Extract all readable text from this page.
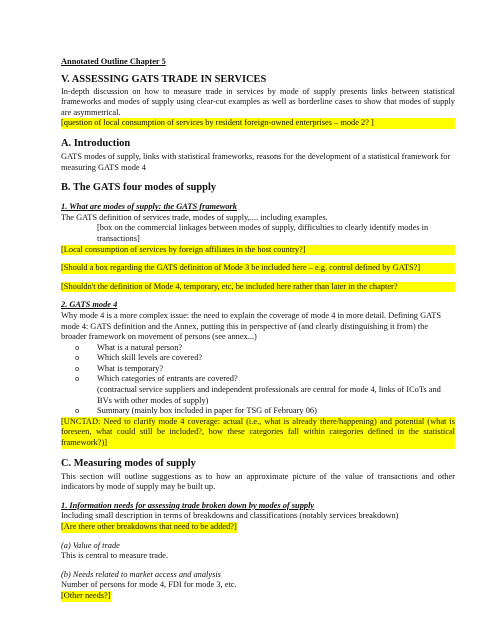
Annotated Outline Chapter 5

V. ASSESSING GATS TRADE IN SERVICES

In-depth discussion on how to measure trade in services by mode of supply presents links between statistical frameworks and modes of supply using clear-cut examples as well as borderline cases to show that modes of supply are asymmetrical.

[question of local consumption of services by resident foreign-owned enterprises – mode 2? ]

A. Introduction

GATS modes of supply, links with statistical frameworks, reasons for the development of a statistical framework for measuring GATS mode 4

B. The GATS four modes of supply
1. What are modes of supply: the GATS framework

The GATS definition of services trade, modes of supply,.... including examples.

[box on the commercial linkages between modes of supply, difficulties to clearly identify modes in transactions]

[Local consumption of services by foreign affiliates in the host country?]

[Should a box regarding the GATS definition of Mode 3 be included here – e.g. control defined by GATS?]

[Shouldn't the definition of Mode 4, temporary, etc, be included here rather than later in the chapter?

2. GATS mode 4

Why mode 4 is a more complex issue: the need to explain the coverage of mode 4 in more detail. Defining GATS mode 4: GATS definition and the Annex, putting this in perspective of (and clearly distinguishing it from) the broader framework on movement of persons (see annex...)

o	What is a natural person?
o	Which skill levels are covered?
o	What is temporary?
o	Which categories of entrants are covered?

(contractual service suppliers and independent professionals are central for mode 4, links of ICoTs and BVs with other modes of supply)

o	Summary (mainly box included in paper for TSG of February 06)

[UNCTAD: Need to clarify mode 4 coverage: actual (i.e., what is already there/happening) and potential (what is foreseen, what could still be included?, how these categories fall within categories defined in the statistical framework?)]

C. Measuring modes of supply

This section will outline suggestions as to how an approximate picture of the value of transactions and other indicators by mode of supply may be built up.

1. Information needs for assessing trade broken down by modes of supply

Including small description in terms of breakdowns and classifications (notably services breakdown)

[Are there other breakdowns that need to be added?]

(a) Value of trade

This is central to measure trade.

(b) Needs related to market access and analysis

Number of persons for mode 4, FDI for mode 3, etc.

[Other needs?]
